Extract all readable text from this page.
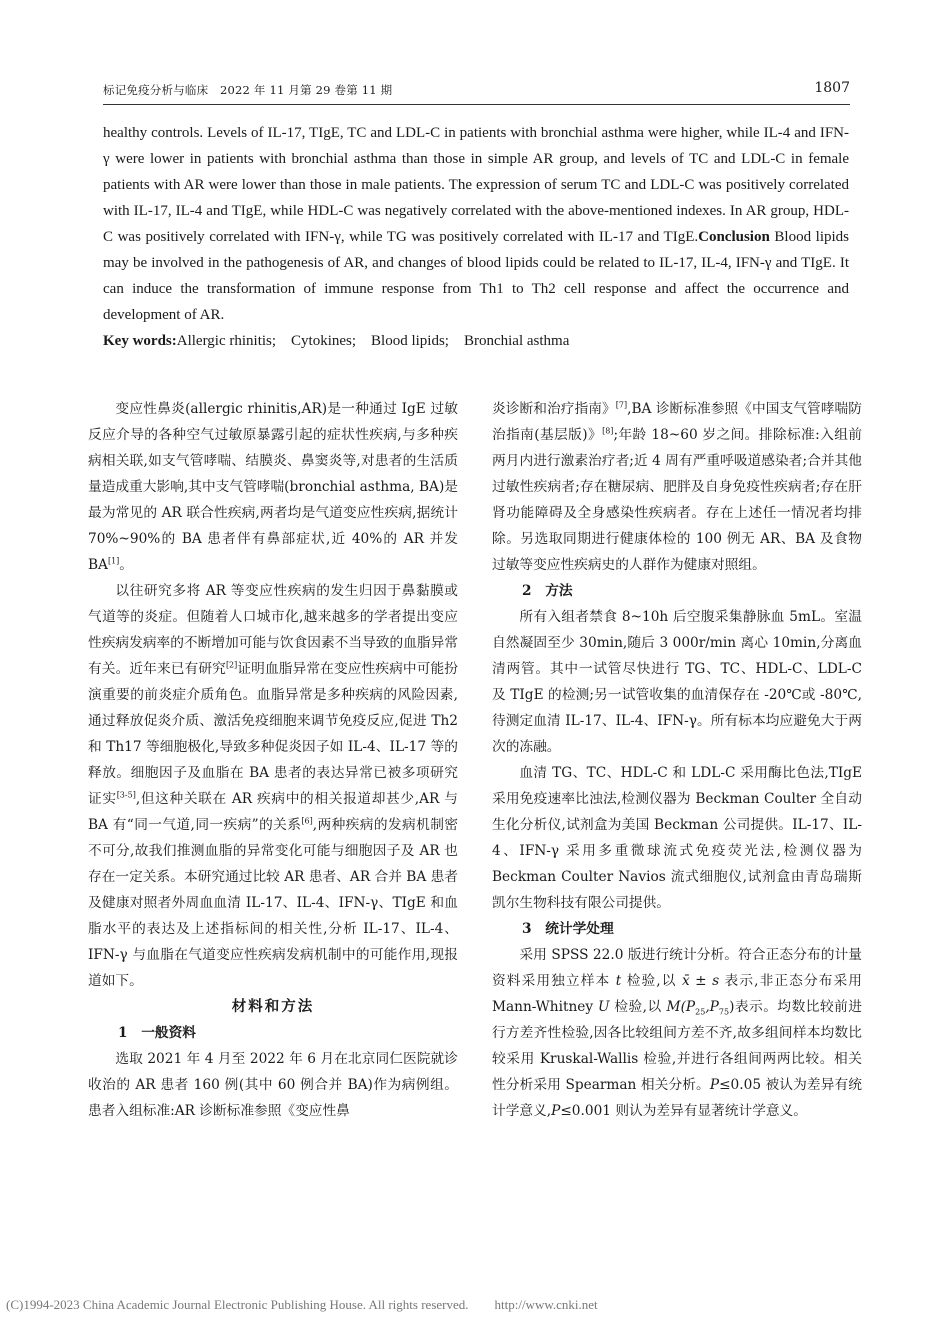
标记免疫分析与临床 2022 年 11 月第 29 卷第 11 期	1807

healthy controls. Levels of IL-17, TIgE, TC and LDL-C in patients with bronchial asthma were higher, while IL-4 and IFN-γ were lower in patients with bronchial asthma than those in simple AR group, and levels of TC and LDL-C in female patients with AR were lower than those in male patients. The expression of serum TC and LDL-C was positively correlated with IL-17, IL-4 and TIgE, while HDL-C was negatively correlated with the above-mentioned indexes. In AR group, HDL-C was positively correlated with IFN-γ, while TG was positively correlated with IL-17 and TIgE.Conclusion Blood lipids may be involved in the pathogenesis of AR, and changes of blood lipids could be related to IL-17, IL-4, IFN-γ and TIgE. It can induce the transformation of immune response from Th1 to Th2 cell response and affect the occurrence and development of AR.

Key words:Allergic rhinitis; Cytokines; Blood lipids; Bronchial asthma

变应性鼻炎(allergic rhinitis,AR)是一种通过 IgE 过敏反应介导的各种空气过敏原暴露引起的症状性疾病,与多种疾病相关联,如支气管哮喘、结膜炎、鼻窦炎等,对患者的生活质量造成重大影响,其中支气管哮喘(bronchial asthma, BA)是最为常见的 AR 联合性疾病,两者均是气道变应性疾病,据统计 70%~90%的 BA 患者伴有鼻部症状,近 40%的 AR 并发 BA[1]。

以往研究多将 AR 等变应性疾病的发生归因于鼻黏膜或气道等的炎症。但随着人口城市化,越来越多的学者提出变应性疾病发病率的不断增加可能与饮食因素不当导致的血脂异常有关。近年来已有研究[2]证明血脂异常在变应性疾病中可能扮演重要的前炎症介质角色。血脂异常是多种疾病的风险因素,通过释放促炎介质、激活免疫细胞来调节免疫反应,促进 Th2 和 Th17 等细胞极化,导致多种促炎因子如 IL-4、IL-17 等的释放。细胞因子及血脂在 BA 患者的表达异常已被多项研究证实[3-5],但这种关联在 AR 疾病中的相关报道却甚少,AR 与 BA 有“同一气道,同一疾病”的关系[6],两种疾病的发病机制密不可分,故我们推测血脂的异常变化可能与细胞因子及 AR 也存在一定关系。本研究通过比较 AR 患者、AR 合并 BA 患者及健康对照者外周血血清 IL-17、IL-4、IFN-γ、TIgE 和血脂水平的表达及上述指标间的相关性,分析 IL-17、IL-4、IFN-γ 与血脂在气道变应性疾病发病机制中的可能作用,现报道如下。

材料和方法

1 一般资料

选取 2021 年 4 月至 2022 年 6 月在北京同仁医院就诊收治的 AR 患者 160 例(其中 60 例合并 BA)作为病例组。患者入组标准:AR 诊断标准参照《变应性鼻

炎诊断和治疗指南》[7],BA 诊断标准参照《中国支气管哮喘防治指南(基层版)》[8];年龄 18~60 岁之间。排除标准:入组前两月内进行激素治疗者;近 4 周有严重呼吸道感染者;合并其他过敏性疾病者;存在糖尿病、肥胖及自身免疫性疾病者;存在肝肾功能障碍及全身感染性疾病者。存在上述任一情况者均排除。另选取同期进行健康体检的 100 例无 AR、BA 及食物过敏等变应性疾病史的人群作为健康对照组。

2 方法

所有入组者禁食 8~10h 后空腹采集静脉血 5mL。室温自然凝固至少 30min,随后 3 000r/min 离心 10min,分离血清两管。其中一试管尽快进行 TG、TC、HDL-C、LDL-C 及 TIgE 的检测;另一试管收集的血清保存在 -20℃或 -80℃,待测定血清 IL-17、IL-4、IFN-γ。所有标本均应避免大于两次的冻融。

血清 TG、TC、HDL-C 和 LDL-C 采用酶比色法,TIgE 采用免疫速率比浊法,检测仪器为 Beckman Coulter 全自动生化分析仪,试剂盒为美国 Beckman 公司提供。IL-17、IL-4、IFN-γ 采用多重微球流式免疫荧光法,检测仪器为 Beckman Coulter Navios 流式细胞仪,试剂盒由青岛瑞斯凯尔生物科技有限公司提供。

3 统计学处理

采用 SPSS 22.0 版进行统计分析。符合正态分布的计量资料采用独立样本 t 检验,以 x̄ ± s 表示,非正态分布采用 Mann-Whitney U 检验,以 $M(P_{25},P_{75})$表示。均数比较前进行方差齐性检验,因各比较组间方差不齐,故多组间样本均数比较采用 Kruskal-Wallis 检验,并进行各组间两两比较。相关性分析采用 Spearman 相关分析。P≤0.05 被认为差异有统计学意义,P≤0.001 则认为差异有显著统计学意义。

(C)1994-2023 China Academic Journal Electronic Publishing House. All rights reserved.  http://www.cnki.net
